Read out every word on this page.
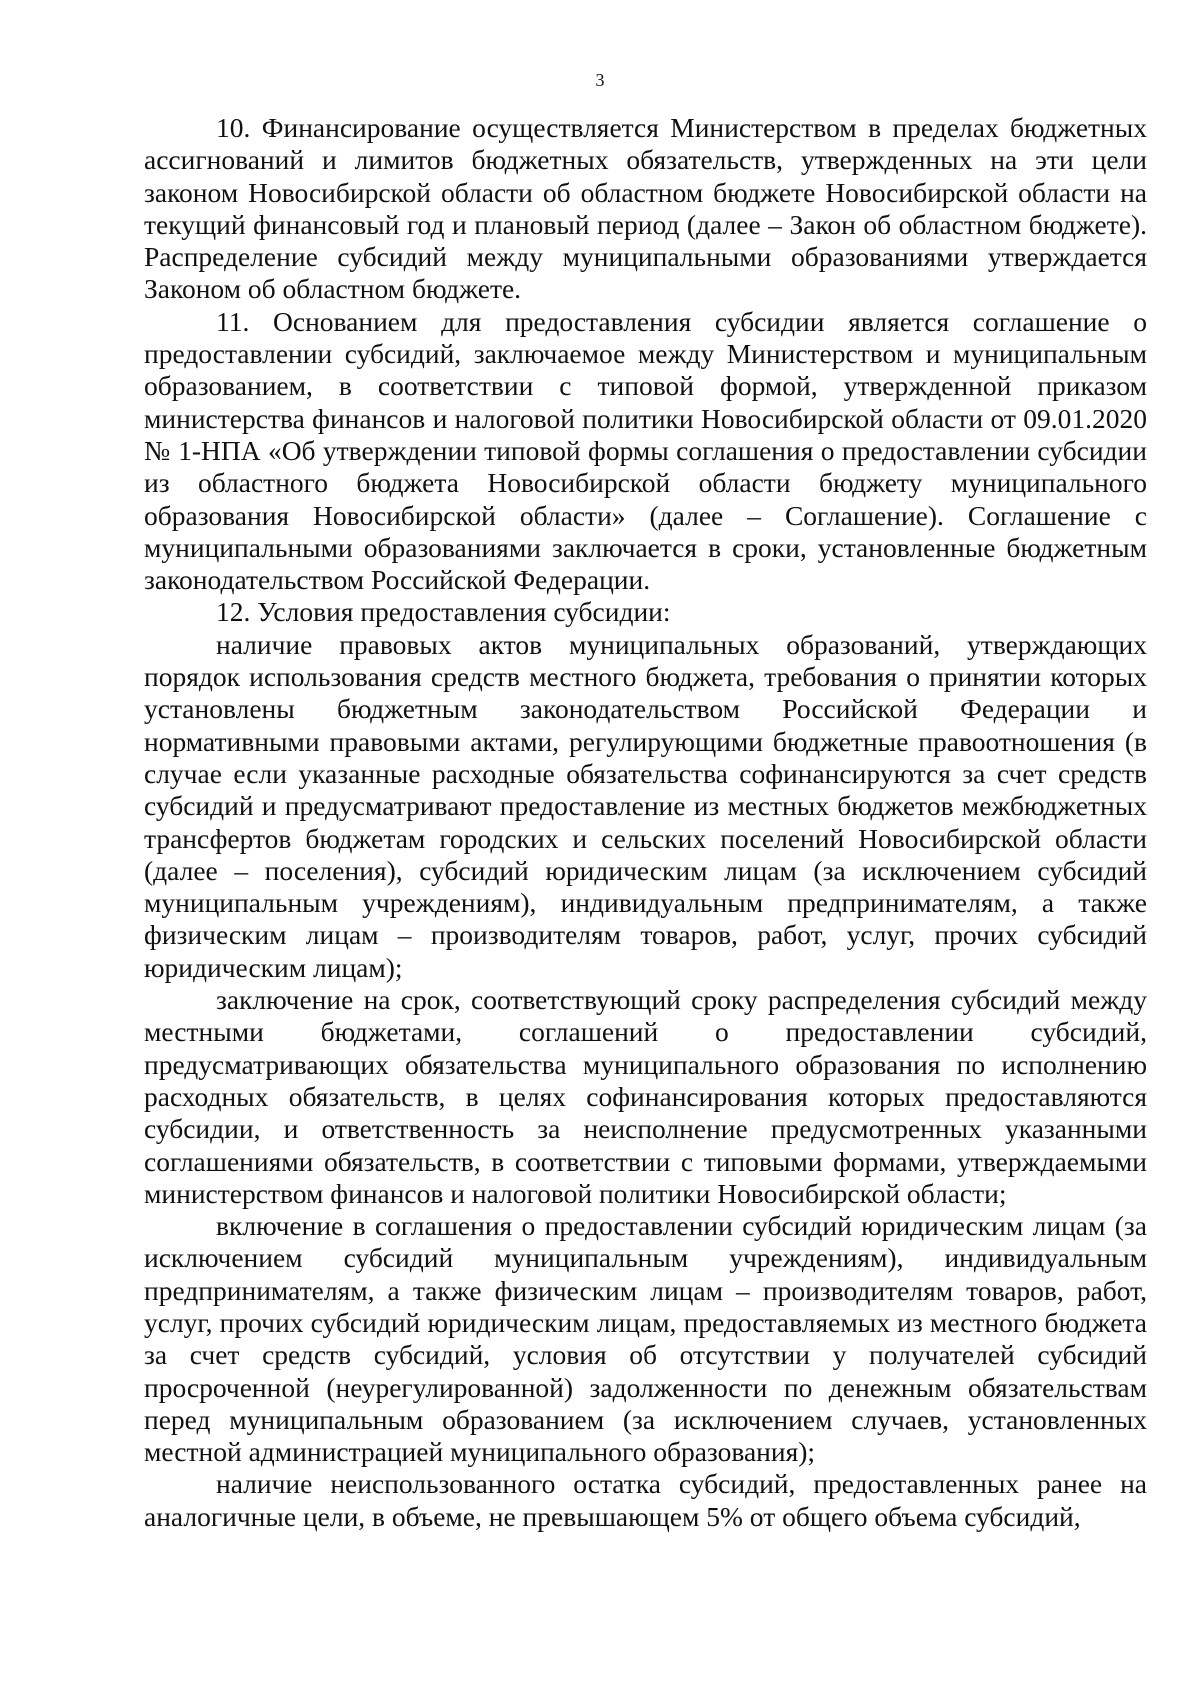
3

10. Финансирование осуществляется Министерством в пределах бюджетных ассигнований и лимитов бюджетных обязательств, утвержденных на эти цели законом Новосибирской области об областном бюджете Новосибирской области на текущий финансовый год и плановый период (далее – Закон об областном бюджете). Распределение субсидий между муниципальными образованиями утверждается Законом об областном бюджете.

11. Основанием для предоставления субсидии является соглашение о предоставлении субсидий, заключаемое между Министерством и муниципальным образованием, в соответствии с типовой формой, утвержденной приказом министерства финансов и налоговой политики Новосибирской области от 09.01.2020 № 1-НПА «Об утверждении типовой формы соглашения о предоставлении субсидии из областного бюджета Новосибирской области бюджету муниципального образования Новосибирской области» (далее – Соглашение). Соглашение с муниципальными образованиями заключается в сроки, установленные бюджетным законодательством Российской Федерации.

12. Условия предоставления субсидии:

наличие правовых актов муниципальных образований, утверждающих порядок использования средств местного бюджета, требования о принятии которых установлены бюджетным законодательством Российской Федерации и нормативными правовыми актами, регулирующими бюджетные правоотношения (в случае если указанные расходные обязательства софинансируются за счет средств субсидий и предусматривают предоставление из местных бюджетов межбюджетных трансфертов бюджетам городских и сельских поселений Новосибирской области (далее – поселения), субсидий юридическим лицам (за исключением субсидий муниципальным учреждениям), индивидуальным предпринимателям, а также физическим лицам – производителям товаров, работ, услуг, прочих субсидий юридическим лицам);

заключение на срок, соответствующий сроку распределения субсидий между местными бюджетами, соглашений о предоставлении субсидий, предусматривающих обязательства муниципального образования по исполнению расходных обязательств, в целях софинансирования которых предоставляются субсидии, и ответственность за неисполнение предусмотренных указанными соглашениями обязательств, в соответствии с типовыми формами, утверждаемыми министерством финансов и налоговой политики Новосибирской области;

включение в соглашения о предоставлении субсидий юридическим лицам (за исключением субсидий муниципальным учреждениям), индивидуальным предпринимателям, а также физическим лицам – производителям товаров, работ, услуг, прочих субсидий юридическим лицам, предоставляемых из местного бюджета за счет средств субсидий, условия об отсутствии у получателей субсидий просроченной (неурегулированной) задолженности по денежным обязательствам перед муниципальным образованием (за исключением случаев, установленных местной администрацией муниципального образования);

наличие неиспользованного остатка субсидий, предоставленных ранее на аналогичные цели, в объеме, не превышающем 5% от общего объема субсидий,
